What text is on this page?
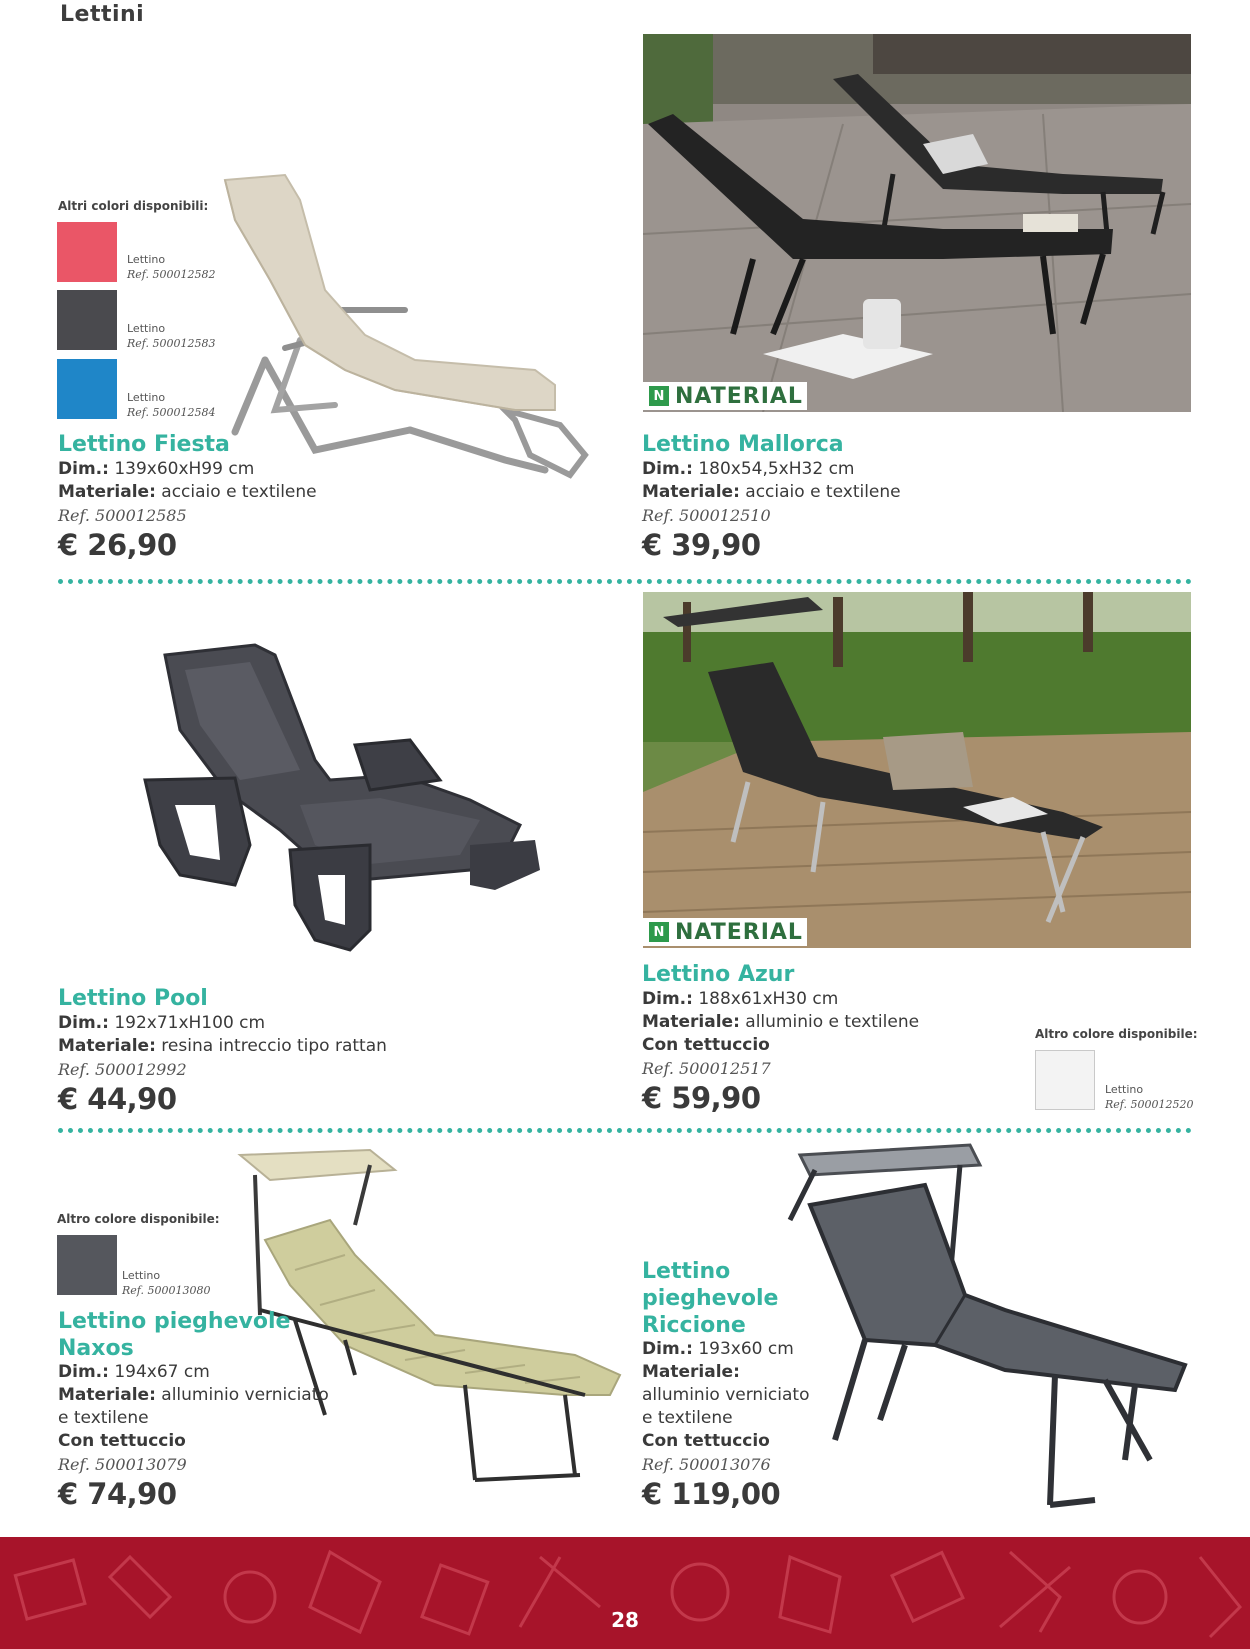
Lettini
Altri colori disponibili:
Lettino
Ref. 500012582
Lettino
Ref. 500012583
Lettino
Ref. 500012584
Lettino Fiesta
Dim.: 139x60xH99 cm
Materiale: acciaio e textilene
Ref. 500012585
€ 26,90
N NATERIAL
Lettino Mallorca
Dim.: 180x54,5xH32 cm
Materiale: acciaio e textilene
Ref. 500012510
€ 39,90
Lettino Pool
Dim.: 192x71xH100 cm
Materiale: resina intreccio tipo rattan
Ref. 500012992
€ 44,90
N NATERIAL
Lettino Azur
Dim.: 188x61xH30 cm
Materiale: alluminio e textilene
Con tettuccio
Ref. 500012517
€ 59,90
Altro colore disponibile:
Lettino
Ref. 500012520
Altro colore disponibile:
Lettino
Ref. 500013080
Lettino pieghevole
Naxos
Dim.: 194x67 cm
Materiale: alluminio verniciato
e textilene
Con tettuccio
Ref. 500013079
€ 74,90
Lettino
pieghevole
Riccione
Dim.: 193x60 cm
Materiale:
alluminio verniciato
e textilene
Con tettuccio
Ref. 500013076
€ 119,00
28
